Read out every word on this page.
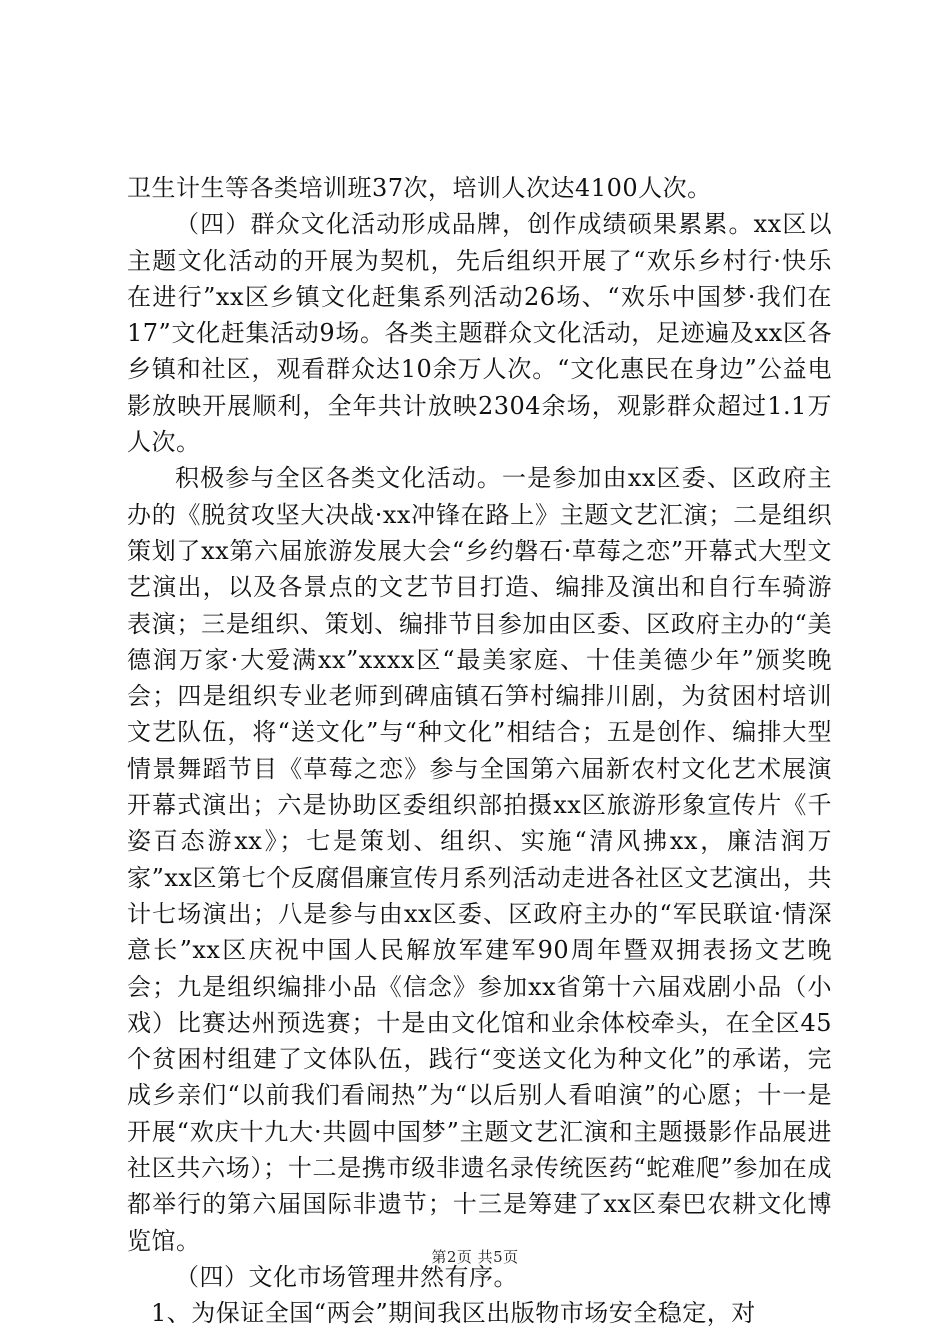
卫生计生等各类培训班37次，培训人次达4100人次。

（四）群众文化活动形成品牌，创作成绩硕果累累。xx区以主题文化活动的开展为契机，先后组织开展了“欢乐乡村行·快乐在进行”xx区乡镇文化赶集系列活动26场、“欢乐中国梦·我们在17”文化赶集活动9场。各类主题群众文化活动，足迹遍及xx区各乡镇和社区，观看群众达10余万人次。“文化惠民在身边”公益电影放映开展顺利，全年共计放映2304余场，观影群众超过1.1万人次。

积极参与全区各类文化活动。一是参加由xx区委、区政府主办的《脱贫攻坚大决战·xx冲锋在路上》主题文艺汇演；二是组织策划了xx第六届旅游发展大会“乡约磐石·草莓之恋”开幕式大型文艺演出，以及各景点的文艺节目打造、编排及演出和自行车骑游表演；三是组织、策划、编排节目参加由区委、区政府主办的“美德润万家·大爱满xx”xxxx区“最美家庭、十佳美德少年”颁奖晚会；四是组织专业老师到碑庙镇石笋村编排川剧，为贫困村培训文艺队伍，将“送文化”与“种文化”相结合；五是创作、编排大型情景舞蹈节目《草莓之恋》参与全国第六届新农村文化艺术展演开幕式演出；六是协助区委组织部拍摄xx区旅游形象宣传片《千姿百态游xx》；七是策划、组织、实施“清风拂xx，廉洁润万家”xx区第七个反腐倡廉宣传月系列活动走进各社区文艺演出，共计七场演出；八是参与由xx区委、区政府主办的“军民联谊·情深意长”xx区庆祝中国人民解放军建军90周年暨双拥表扬文艺晚会；九是组织编排小品《信念》参加xx省第十六届戏剧小品（小戏）比赛达州预选赛；十是由文化馆和业余体校牵头，在全区45个贫困村组建了文体队伍，践行“变送文化为种文化”的承诺，完成乡亲们“以前我们看闹热”为“以后别人看咱演”的心愿；十一是开展“欢庆十九大·共圆中国梦”主题文艺汇演和主题摄影作品展进社区共六场）；十二是携市级非遗名录传统医药“蛇难爬”参加在成都举行的第六届国际非遗节；十三是筹建了xx区秦巴农耕文化博览馆。

（四）文化市场管理井然有序。

1、为保证全国“两会”期间我区出版物市场安全稳定，对

第2页 共5页
